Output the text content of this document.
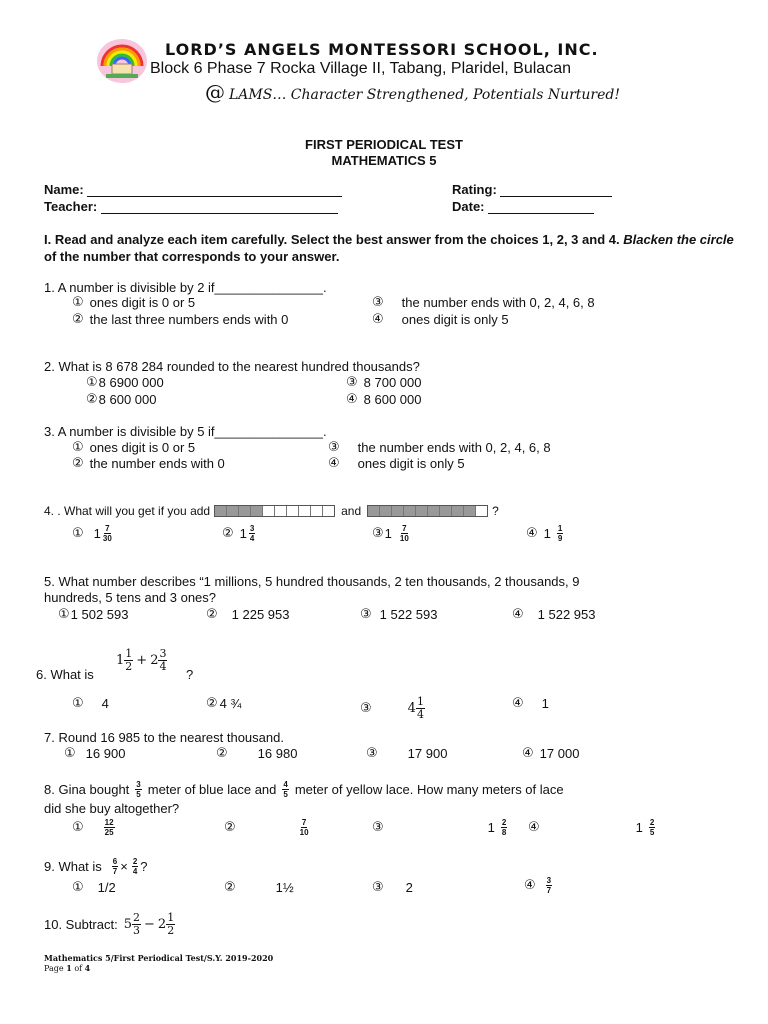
LORD’S ANGELS MONTESSORI SCHOOL, INC.
Block 6 Phase 7 Rocka Village II, Tabang, Plaridel, Bulacan
@ LAMS… Character Strengthened, Potentials Nurtured!
FIRST PERIODICAL TEST
MATHEMATICS 5
Name:
Teacher:
Rating:
Date:
I. Read and analyze each item carefully. Select the best answer from the choices 1, 2, 3 and 4. Blacken the circle of the number that corresponds to your answer.
1. A number is divisible by 2 if_______________.
① ones digit is 0 or 5
② the last three numbers ends with 0
③ the number ends with 0, 2, 4, 6, 8
④ ones digit is only 5
2. What is 8 678 284 rounded to the nearest hundred thousands?
① 8 6900 000
② 8 600 000
③ 8 700 000
④ 8 600 000
3. A number is divisible by 5 if_______________.
① ones digit is 0 or 5
② the number ends with 0
③ the number ends with 0, 2, 4, 6, 8
④ ones digit is only 5
4. . What will you get if you add	and	?
① $1 \frac{7}{30}$	② $1 \frac{3}{4}$	③ $1 \frac{7}{10}$	④ $1 \frac{1}{9}$
5. What number describes “1 millions, 5 hundred thousands, 2 ten thousands, 2 thousands, 9
hundreds, 5 tens and 3 ones?
① 1 502 593	② 1 225 953	③ 1 522 593	④ 1 522 953
6. What is
$1 \frac{1}{2} + 2 \frac{3}{4}$
?
① 4	② 4 ¾	③	$4 \frac{1}{4}$	④ 1
7. Round 16 985 to the nearest thousand.
① 16 900	② 16 980	③ 17 900	④ 17 000
8. Gina bought $\frac{3}{5}$ meter of blue lace and $\frac{4}{5}$ meter of yellow lace. How many meters of lace
did she buy altogether?
①	$\frac{12}{25}$	②	$\frac{7}{10}$	③	$1 \frac{2}{8}$ ④	$1 \frac{2}{5}$
9. What is $\frac{6}{7} \times \frac{2}{4}$ ?
① 1/2	②	1½	③ 2	④ $\frac{3}{7}$
10. Subtract: $5 \frac{2}{3} - 2 \frac{1}{2}$
Mathematics 5/First Periodical Test/S.Y. 2019-2020
Page 1 of 4
